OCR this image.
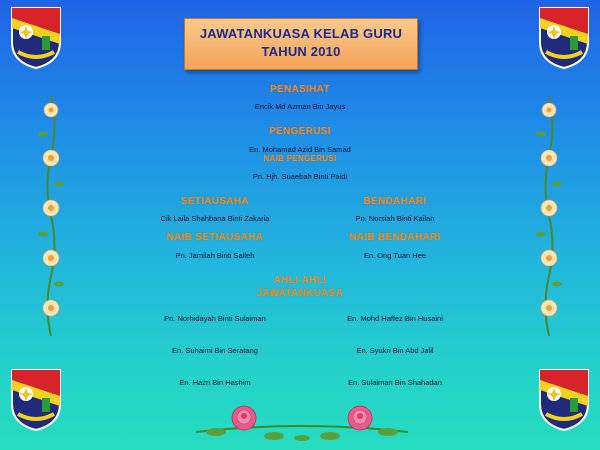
JAWATANKUASA KELAB GURU
TAHUN 2010
PENASIHAT
Encik Md Azman Bin Jayus
PENGERUSI
En. Mohamad Azid Bin Samad
NAIB PENGERUSI
Pn. Hjh. Suaebah Binti Paidi
SETIAUSAHA
Cik Laila Shahbana Binti Zakaria
BENDAHARI
Pn. Norsiah Binti Kailan
NAIB SETIAUSAHA
Pn. Jamilah Binti Salleh
NAIB BENDAHARI
En. Ong Tuan Hee
AHLI-AHLI
JAWATANKUASA
Pn. Norhidayah Binti Sulaiman	En. Mohd Haffez Bin Husaini
En. Suhaimi Bin Seratang	En. Syukri Bin Abd Jalil
En. Hazri Bin Hashim	En. Sulaiman Bin Shahadan
